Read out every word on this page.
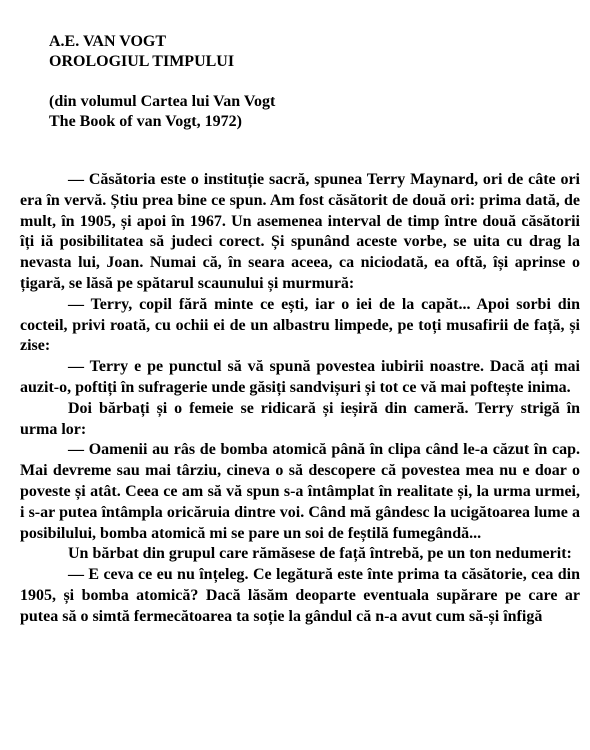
A.E. VAN VOGT
OROLOGIUL TIMPULUI
(din volumul Cartea lui Van Vogt
The Book of van Vogt, 1972)

— Căsătoria este o instituție sacră, spunea Terry Maynard, ori de câte ori era în vervă. Știu prea bine ce spun. Am fost căsătorit de două ori: prima dată, de mult, în 1905, și apoi în 1967. Un asemenea interval de timp între două căsătorii îți iă posibilitatea să judeci corect. Și spunând aceste vorbe, se uita cu drag la nevasta lui, Joan. Numai că, în seara aceea, ca niciodată, ea oftă, își aprinse o țigară, se lăsă pe spătarul scaunului și murmură:

— Terry, copil fără minte ce ești, iar o iei de la capăt... Apoi sorbi din cocteil, privi roată, cu ochii ei de un albastru limpede, pe toți musafirii de față, și zise:

— Terry e pe punctul să vă spună povestea iubirii noastre. Dacă ați mai auzit-o, poftiți în sufragerie unde găsiți sandvișuri și tot ce vă mai poftește inima.

Doi bărbați și o femeie se ridicară și ieșiră din cameră. Terry strigă în urma lor:

— Oamenii au râs de bomba atomică până în clipa când le-a căzut în cap. Mai devreme sau mai târziu, cineva o să descopere că povestea mea nu e doar o poveste și atât. Ceea ce am să vă spun s-a întâmplat în realitate și, la urma urmei, i s-ar putea întâmpla oricăruia dintre voi. Când mă gândesc la ucigătoarea lume a posibilului, bomba atomică mi se pare un soi de feștilă fumegândă...

Un bărbat din grupul care rămăsese de față întrebă, pe un ton nedumerit:

— E ceva ce eu nu înțeleg. Ce legătură este înte prima ta căsătorie, cea din 1905, și bomba atomică? Dacă lăsăm deoparte eventuala supărare pe care ar putea să o simtă fermecătoarea ta soție la gândul că n-a avut cum să-și înfigă
